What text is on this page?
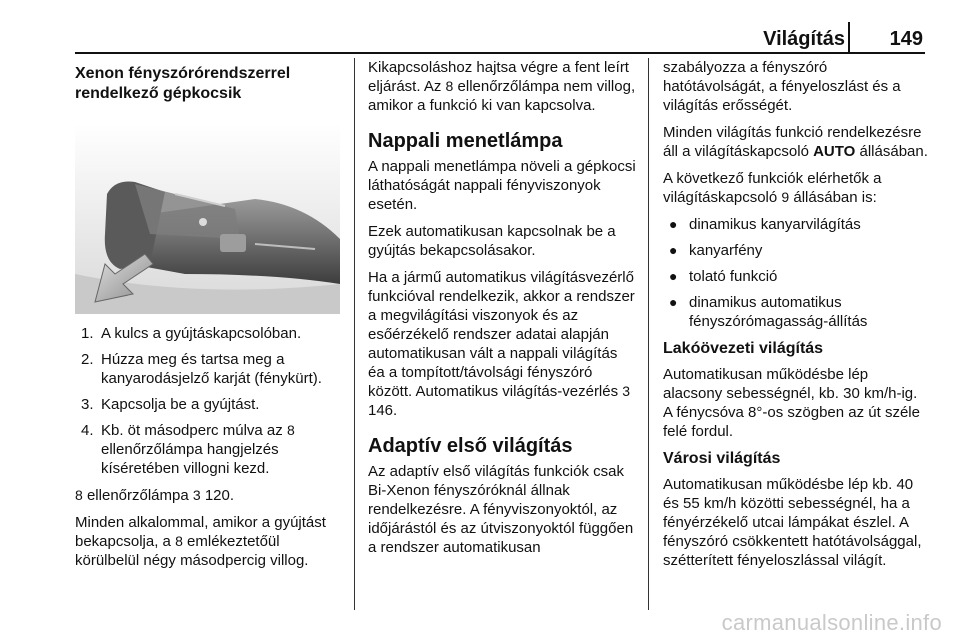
Világítás 149
Xenon fényszórórendszerrel rendelkező gépkocsik
1. A kulcs a gyújtáskapcsolóban.
2. Húzza meg és tartsa meg a kanyarodásjelző karját (fénykürt).
3. Kapcsolja be a gyújtást.
4. Kb. öt másodperc múlva az 8 ellenőrzőlámpa hangjelzés kíséretében villogni kezd.

8 ellenőrzőlámpa 3 120.

Minden alkalommal, amikor a gyújtást bekapcsolja, a 8 emlékeztetőül körülbelül négy másodpercig villog.

Kikapcsoláshoz hajtsa végre a fent leírt eljárást. Az 8 ellenőrzőlámpa nem villog, amikor a funkció ki van kapcsolva.

Nappali menetlámpa

A nappali menetlámpa növeli a gépkocsi láthatóságát nappali fényviszonyok esetén.

Ezek automatikusan kapcsolnak be a gyújtás bekapcsolásakor.

Ha a jármű automatikus világításvezérlő funkcióval rendelkezik, akkor a rendszer a megvilágítási viszonyok és az esőérzékelő rendszer adatai alapján automatikusan vált a nappali világítás éa a tompított/távolsági fényszóró között. Automatikus világítás-vezérlés 3 146.

Adaptív első világítás

Az adaptív első világítás funkciók csak Bi-Xenon fényszóróknál állnak rendelkezésre. A fényviszonyoktól, az időjárástól és az útviszonyoktól függően a rendszer automatikusan

szabályozza a fényszóró hatótávolságát, a fényeloszlást és a világítás erősségét.

Minden világítás funkció rendelkezésre áll a világításkapcsoló AUTO állásában.

A következő funkciók elérhetők a világításkapcsoló 9 állásában is:

● dinamikus kanyarvilágítás
● kanyarfény
● tolató funkció
● dinamikus automatikus fényszórómagasság-állítás
Lakóövezeti világítás

Automatikusan működésbe lép alacsony sebességnél, kb. 30 km/h-ig. A fénycsóva 8°-os szögben az út széle felé fordul.

Városi világítás

Automatikusan működésbe lép kb. 40 és 55 km/h közötti sebességnél, ha a fényérzékelő utcai lámpákat észlel. A fényszóró csökkentett hatótávolsággal, szétterített fényeloszlással világít.

carmanualsonline.info
